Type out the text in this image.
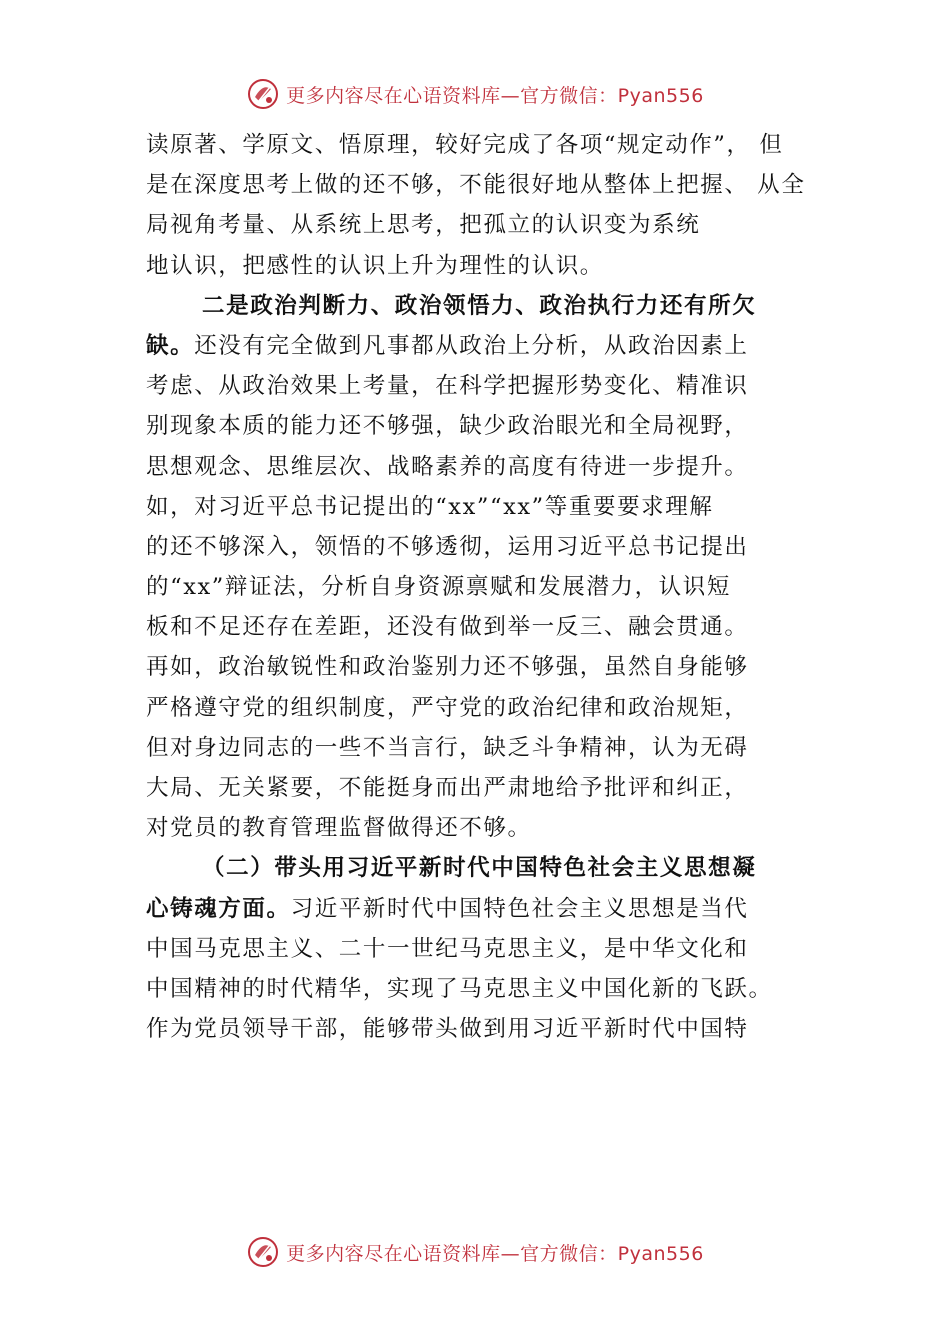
更多内容尽在心语资料库—官方微信：Pyan556
读原著、学原文、悟原理，较好完成了各项“规定动作”， 但
是在深度思考上做的还不够，不能很好地从整体上把握、 从全
局视角考量、从系统上思考，把孤立的认识变为系统
地认识，把感性的认识上升为理性的认识。
二是政治判断力、政治领悟力、政治执行力还有所欠
缺。还没有完全做到凡事都从政治上分析，从政治因素上
考虑、从政治效果上考量，在科学把握形势变化、精准识
别现象本质的能力还不够强，缺少政治眼光和全局视野，
思想观念、思维层次、战略素养的高度有待进一步提升。
如，对习近平总书记提出的“xx”“xx”等重要要求理解
的还不够深入，领悟的不够透彻，运用习近平总书记提出
的“xx”辩证法，分析自身资源禀赋和发展潜力，认识短
板和不足还存在差距，还没有做到举一反三、融会贯通。
再如，政治敏锐性和政治鉴别力还不够强，虽然自身能够
严格遵守党的组织制度，严守党的政治纪律和政治规矩，
但对身边同志的一些不当言行，缺乏斗争精神，认为无碍
大局、无关紧要，不能挺身而出严肃地给予批评和纠正，
对党员的教育管理监督做得还不够。
（二）带头用习近平新时代中国特色社会主义思想凝
心铸魂方面。习近平新时代中国特色社会主义思想是当代
中国马克思主义、二十一世纪马克思主义，是中华文化和
中国精神的时代精华，实现了马克思主义中国化新的飞跃。
作为党员领导干部，能够带头做到用习近平新时代中国特
更多内容尽在心语资料库—官方微信：Pyan556
